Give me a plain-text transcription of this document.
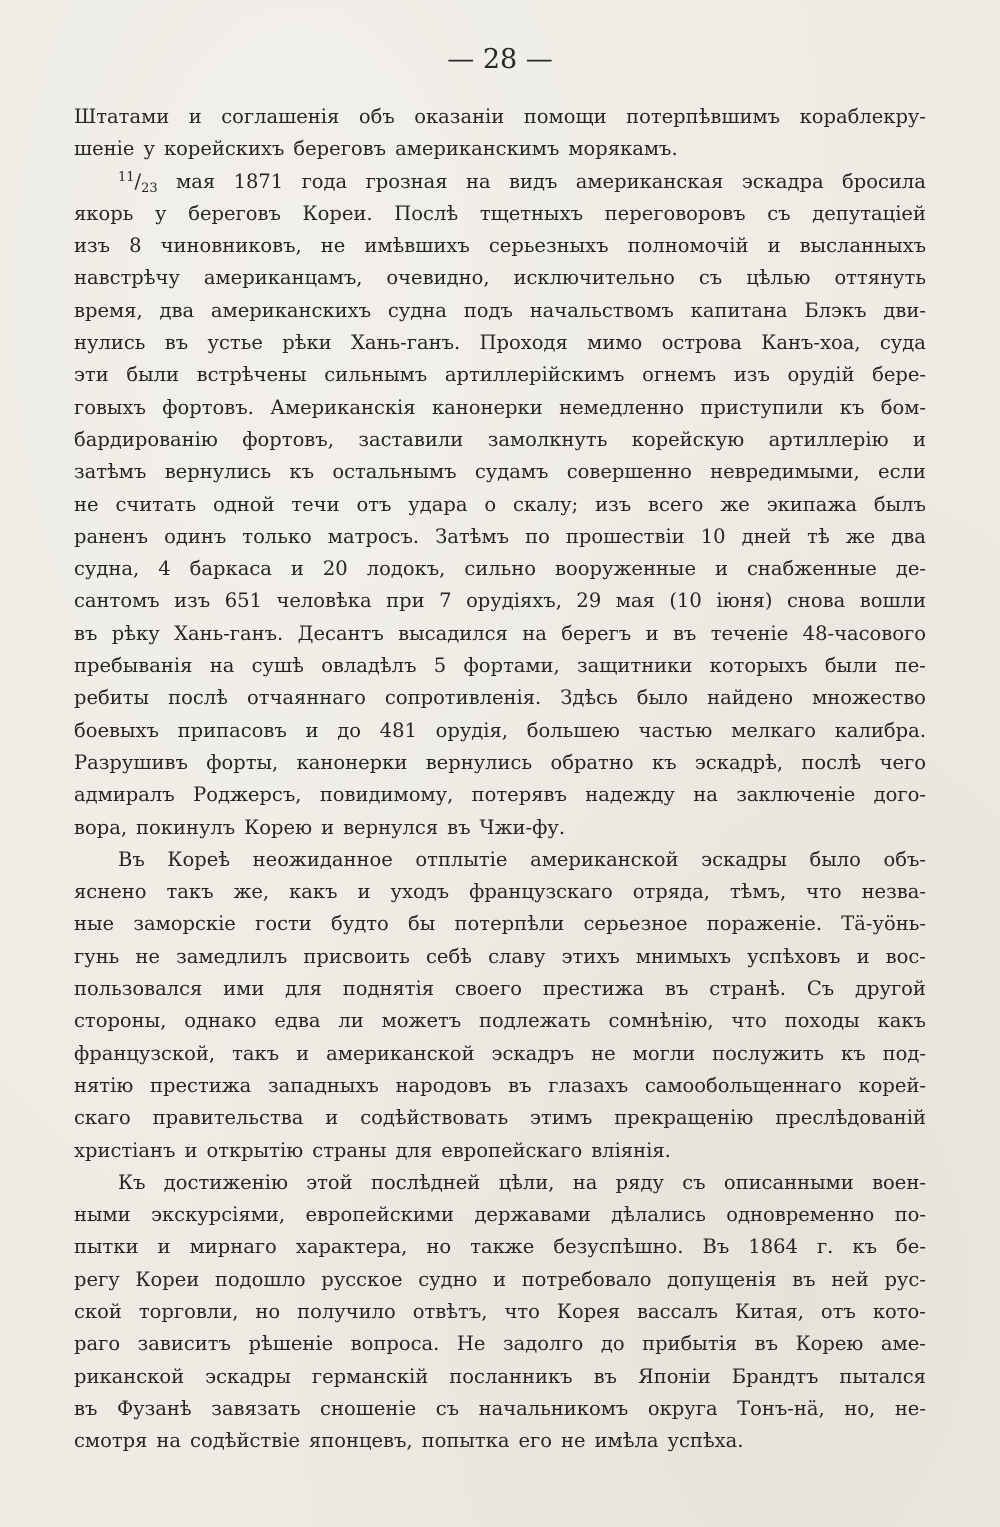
— 28 —
Штатами и соглашенія объ оказаніи помощи потерпѣвшимъ кораблекру-
шеніе у корейскихъ береговъ американскимъ морякамъ.
$^{11}/_{23}$ мая 1871 года грозная на видъ американская эскадра бросила
якорь у береговъ Кореи. Послѣ тщетныхъ переговоровъ съ депутаціей
изъ 8 чиновниковъ, не имѣвшихъ серьезныхъ полномочій и высланныхъ
навстрѣчу американцамъ, очевидно, исключительно съ цѣлью оттянуть
время, два американскихъ судна подъ начальствомъ капитана Блэкъ дви-
нулись въ устье рѣки Хань-ганъ. Проходя мимо острова Канъ-хоа, суда
эти были встрѣчены сильнымъ артиллерійскимъ огнемъ изъ орудій бере-
говыхъ фортовъ. Американскія канонерки немедленно приступили къ бом-
бардированію фортовъ, заставили замолкнуть корейскую артиллерію и
затѣмъ вернулись къ остальнымъ судамъ совершенно невредимыми, если
не считать одной течи отъ удара о скалу; изъ всего же экипажа былъ
раненъ одинъ только матросъ. Затѣмъ по прошествіи 10 дней тѣ же два
судна, 4 баркаса и 20 лодокъ, сильно вооруженные и снабженные де-
сантомъ изъ 651 человѣка при 7 орудіяхъ, 29 мая (10 іюня) снова вошли
въ рѣку Хань-ганъ. Десантъ высадился на берегъ и въ теченіе 48-часового
пребыванія на сушѣ овладѣлъ 5 фортами, защитники которыхъ были пе-
ребиты послѣ отчаяннаго сопротивленія. Здѣсь было найдено множество
боевыхъ припасовъ и до 481 орудія, большею частью мелкаго калибра.
Разрушивъ форты, канонерки вернулись обратно къ эскадрѣ, послѣ чего
адмиралъ Роджерсъ, повидимому, потерявъ надежду на заключеніе дого-
вора, покинулъ Корею и вернулся въ Чжи-фу.
Въ Кореѣ неожиданное отплытіе американской эскадры было объ-
яснено такъ же, какъ и уходъ французскаго отряда, тѣмъ, что незва-
ные заморскіе гости будто бы потерпѣли серьезное пораженіе. Тä-уöнь-
гунь не замедлилъ присвоить себѣ славу этихъ мнимыхъ успѣховъ и вос-
пользовался ими для поднятія своего престижа въ странѣ. Съ другой
стороны, однако едва ли можетъ подлежать сомнѣнію, что походы какъ
французской, такъ и американской эскадръ не могли послужить къ под-
нятію престижа западныхъ народовъ въ глазахъ самообольщеннаго корей-
скаго правительства и содѣйствовать этимъ прекращенію преслѣдованій
христіанъ и открытію страны для европейскаго вліянія.
Къ достиженію этой послѣдней цѣли, на ряду съ описанными воен-
ными экскурсіями, европейскими державами дѣлались одновременно по-
пытки и мирнаго характера, но также безуспѣшно. Въ 1864 г. къ бе-
регу Кореи подошло русское судно и потребовало допущенія въ ней рус-
ской торговли, но получило отвѣтъ, что Корея вассалъ Китая, отъ кото-
раго зависитъ рѣшеніе вопроса. Не задолго до прибытія въ Корею аме-
риканской эскадры германскій посланникъ въ Японіи Брандтъ пытался
въ Фузанѣ завязать сношеніе съ начальникомъ округа Тонъ-нä, но, не-
смотря на содѣйствіе японцевъ, попытка его не имѣла успѣха.
